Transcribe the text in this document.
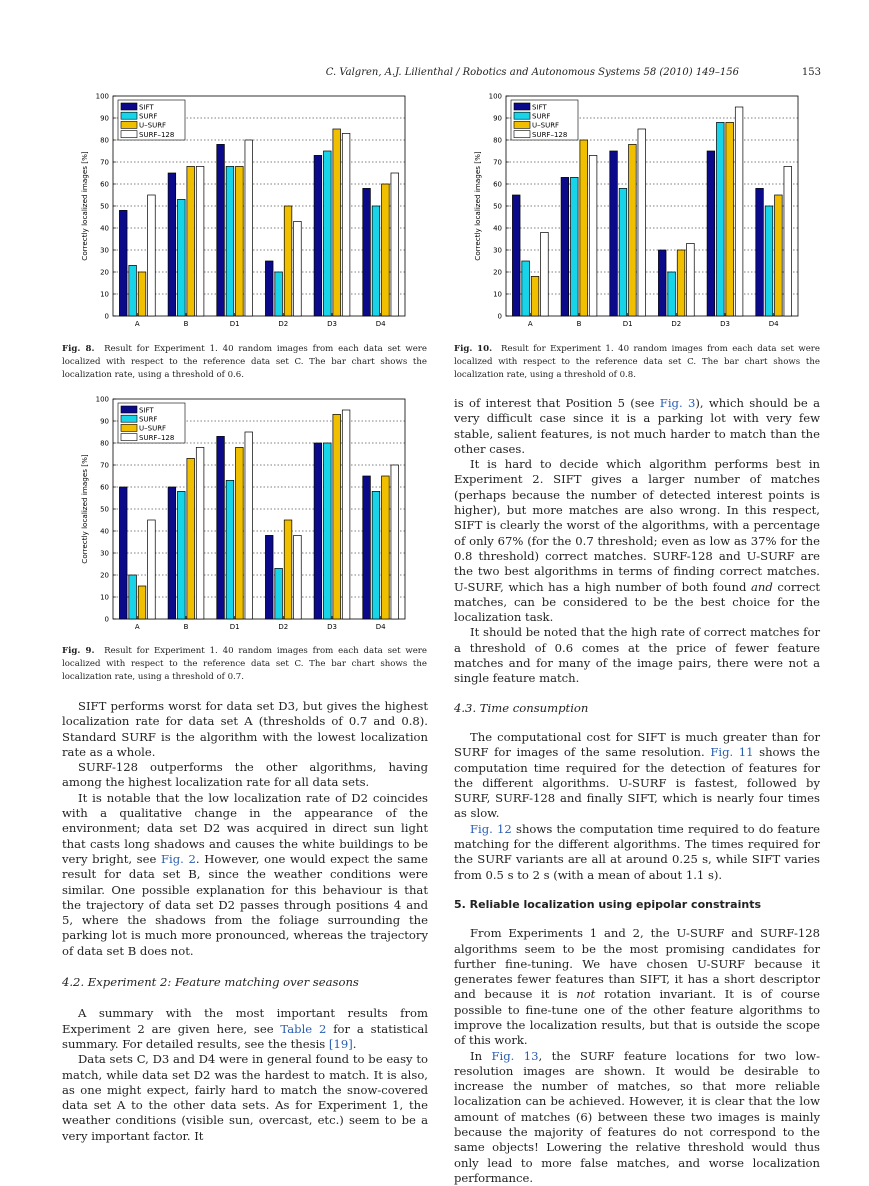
C. Valgren, A.J. Lilienthal / Robotics and Autonomous Systems 58 (2010) 149–156	153
0
10
20
30
40
50
60
70
80
90
100
Correctly localized images [%]
A	B	D1	D2	D3	D4
SIFT
SURF
U–SURF
SURF–128
Fig. 8. Result for Experiment 1. 40 random images from each data set were localized with respect to the reference data set C. The bar chart shows the localization rate, using a threshold of 0.6.
0
10
20
30
40
50
60
70
80
90
100
Correctly localized images [%]
A	B	D1	D2	D3	D4
SIFT
SURF
U–SURF
SURF–128
Fig. 9. Result for Experiment 1. 40 random images from each data set were localized with respect to the reference data set C. The bar chart shows the localization rate, using a threshold of 0.7.
0
10
20
30
40
50
60
70
80
90
100
Correctly localized images [%]
A	B	D1	D2	D3	D4
SIFT
SURF
U–SURF
SURF–128
Fig. 10. Result for Experiment 1. 40 random images from each data set were localized with respect to the reference data set C. The bar chart shows the localization rate, using a threshold of 0.8.

SIFT performs worst for data set D3, but gives the highest localization rate for data set A (thresholds of 0.7 and 0.8). Standard SURF is the algorithm with the lowest localization rate as a whole.

SURF-128 outperforms the other algorithms, having among the highest localization rate for all data sets.

It is notable that the low localization rate of D2 coincides with a qualitative change in the appearance of the environment; data set D2 was acquired in direct sun light that casts long shadows and causes the white buildings to be very bright, see Fig. 2. However, one would expect the same result for data set B, since the weather conditions were similar. One possible explanation for this behaviour is that the trajectory of data set D2 passes through positions 4 and 5, where the shadows from the foliage surrounding the parking lot is much more pronounced, whereas the trajectory of data set B does not.

4.2. Experiment 2: Feature matching over seasons

A summary with the most important results from Experiment 2 are given here, see Table 2 for a statistical summary. For detailed results, see the thesis [19].

Data sets C, D3 and D4 were in general found to be easy to match, while data set D2 was the hardest to match. It is also, as one might expect, fairly hard to match the snow-covered data set A to the other data sets. As for Experiment 1, the weather conditions (visible sun, overcast, etc.) seem to be a very important factor. It

is of interest that Position 5 (see Fig. 3), which should be a very difficult case since it is a parking lot with very few stable, salient features, is not much harder to match than the other cases.

It is hard to decide which algorithm performs best in Experiment 2. SIFT gives a larger number of matches (perhaps because the number of detected interest points is higher), but more matches are also wrong. In this respect, SIFT is clearly the worst of the algorithms, with a percentage of only 67% (for the 0.7 threshold; even as low as 37% for the 0.8 threshold) correct matches. SURF-128 and U-SURF are the two best algorithms in terms of finding correct matches. U-SURF, which has a high number of both found and correct matches, can be considered to be the best choice for the localization task.

It should be noted that the high rate of correct matches for a threshold of 0.6 comes at the price of fewer feature matches and for many of the image pairs, there were not a single feature match.

4.3. Time consumption

The computational cost for SIFT is much greater than for SURF for images of the same resolution. Fig. 11 shows the computation time required for the detection of features for the different algorithms. U-SURF is fastest, followed by SURF, SURF-128 and finally SIFT, which is nearly four times as slow.

Fig. 12 shows the computation time required to do feature matching for the different algorithms. The times required for the SURF variants are all at around 0.25 s, while SIFT varies from 0.5 s to 2 s (with a mean of about 1.1 s).

5. Reliable localization using epipolar constraints

From Experiments 1 and 2, the U-SURF and SURF-128 algorithms seem to be the most promising candidates for further fine-tuning. We have chosen U-SURF because it generates fewer features than SIFT, it has a short descriptor and because it is not rotation invariant. It is of course possible to fine-tune one of the other feature algorithms to improve the localization results, but that is outside the scope of this work.

In Fig. 13, the SURF feature locations for two low-resolution images are shown. It would be desirable to increase the number of matches, so that more reliable localization can be achieved. However, it is clear that the low amount of matches (6) between these two images is mainly because the majority of features do not correspond to the same objects! Lowering the relative threshold would thus only lead to more false matches, and worse localization performance.
